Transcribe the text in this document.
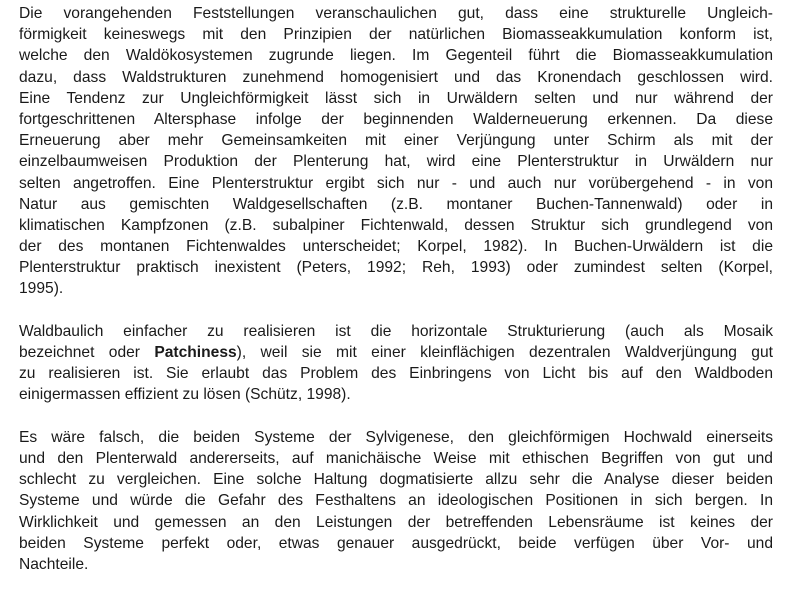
Die vorangehenden Feststellungen veranschaulichen gut, dass eine strukturelle Ungleich-
förmigkeit keineswegs mit den Prinzipien der natürlichen Biomasseakkumulation konform ist,
welche den Waldökosystemen zugrunde liegen. Im Gegenteil führt die Biomasseakkumulation
dazu, dass Waldstrukturen zunehmend homogenisiert und das Kronendach geschlossen wird.
Eine Tendenz zur Ungleichförmigkeit lässt sich in Urwäldern selten und nur während der
fortgeschrittenen Altersphase infolge der beginnenden Walderneuerung erkennen. Da diese
Erneuerung aber mehr Gemeinsamkeiten mit einer Verjüngung unter Schirm als mit der
einzelbaumweisen Produktion der Plenterung hat, wird eine Plenterstruktur in Urwäldern nur
selten angetroffen. Eine Plenterstruktur ergibt sich nur - und auch nur vorübergehend - in von
Natur aus gemischten Waldgesellschaften (z.B. montaner Buchen-Tannenwald) oder in
klimatischen Kampfzonen (z.B. subalpiner Fichtenwald, dessen Struktur sich grundlegend von
der des montanen Fichtenwaldes unterscheidet; Korpel, 1982). In Buchen-Urwäldern ist die
Plenterstruktur praktisch inexistent (Peters, 1992; Reh, 1993) oder zumindest selten (Korpel,
1995).
Waldbaulich einfacher zu realisieren ist die horizontale Strukturierung (auch als Mosaik
bezeichnet oder Patchiness), weil sie mit einer kleinflächigen dezentralen Waldverjüngung gut
zu realisieren ist. Sie erlaubt das Problem des Einbringens von Licht bis auf den Waldboden
einigermassen effizient zu lösen (Schütz, 1998).
Es wäre falsch, die beiden Systeme der Sylvigenese, den gleichförmigen Hochwald einerseits
und den Plenterwald andererseits, auf manichäische Weise mit ethischen Begriffen von gut und
schlecht zu vergleichen. Eine solche Haltung dogmatisierte allzu sehr die Analyse dieser beiden
Systeme und würde die Gefahr des Festhaltens an ideologischen Positionen in sich bergen. In
Wirklichkeit und gemessen an den Leistungen der betreffenden Lebensräume ist keines der
beiden Systeme perfekt oder, etwas genauer ausgedrückt, beide verfügen über Vor- und
Nachteile.
